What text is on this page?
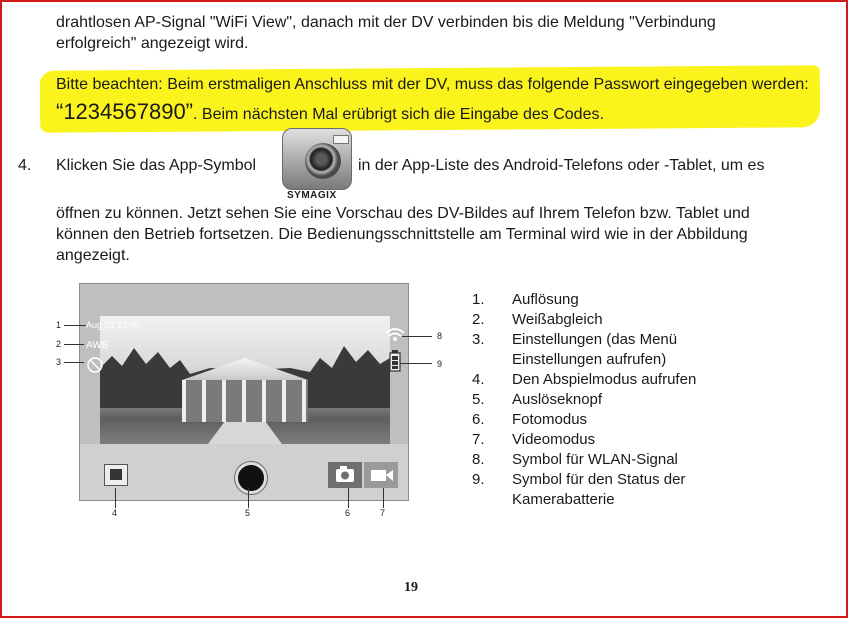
drahtlosen AP-Signal "WiFi View", danach mit der DV verbinden bis die Meldung "Verbindung erfolgreich" angezeigt wird.
Bitte beachten: Beim erstmaligen Anschluss mit der DV, muss das folgende Passwort eingegeben werden: “1234567890”. Beim nächsten Mal erübrigt sich die Eingabe des Codes.
4. Klicken Sie das App-Symbol
SYMAGIX
in der App-Liste des Android-Telefons oder -Tablet, um es
öffnen zu können. Jetzt sehen Sie eine Vorschau des DV-Bildes auf Ihrem Telefon bzw. Tablet und können den Betrieb fortsetzen. Die Bedienungsschnittstelle am Terminal wird wie in der Abbildung angezeigt.
Aug 01 23:45
AWB
1
2
3
8
9
4	5	6	7
1.	Auflösung
2.	Weißabgleich
3.	Einstellungen (das Menü Einstellungen aufrufen)
4.	Den Abspielmodus aufrufen
5.	Auslöseknopf
6.	Fotomodus
7.	Videomodus
8.	Symbol für WLAN-Signal
9.	Symbol für den Status der Kamerabatterie
19
